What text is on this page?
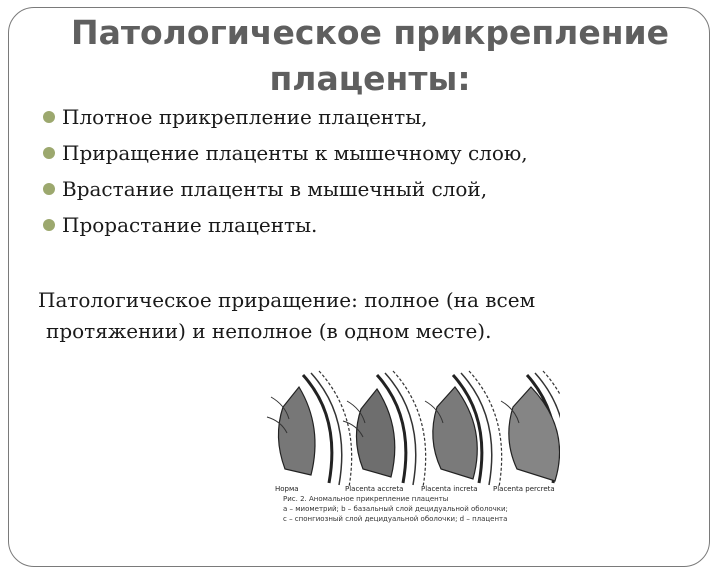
Патологическое прикрепление плаценты:
Плотное прикрепление плаценты,
Приращение плаценты к мышечному слою,
Врастание плаценты в мышечный слой,
Прорастание плаценты.
Патологическое приращение: полное (на всем
протяжении) и неполное (в одном месте).
Норма	Placenta accreta	Placenta increta Placenta percreta
Рис. 2. Аномальное прикрепление плаценты
а – миометрий; b – базальный слой децидуальной оболочки;
с – спонгиозный слой децидуальной оболочки; d – плацента
